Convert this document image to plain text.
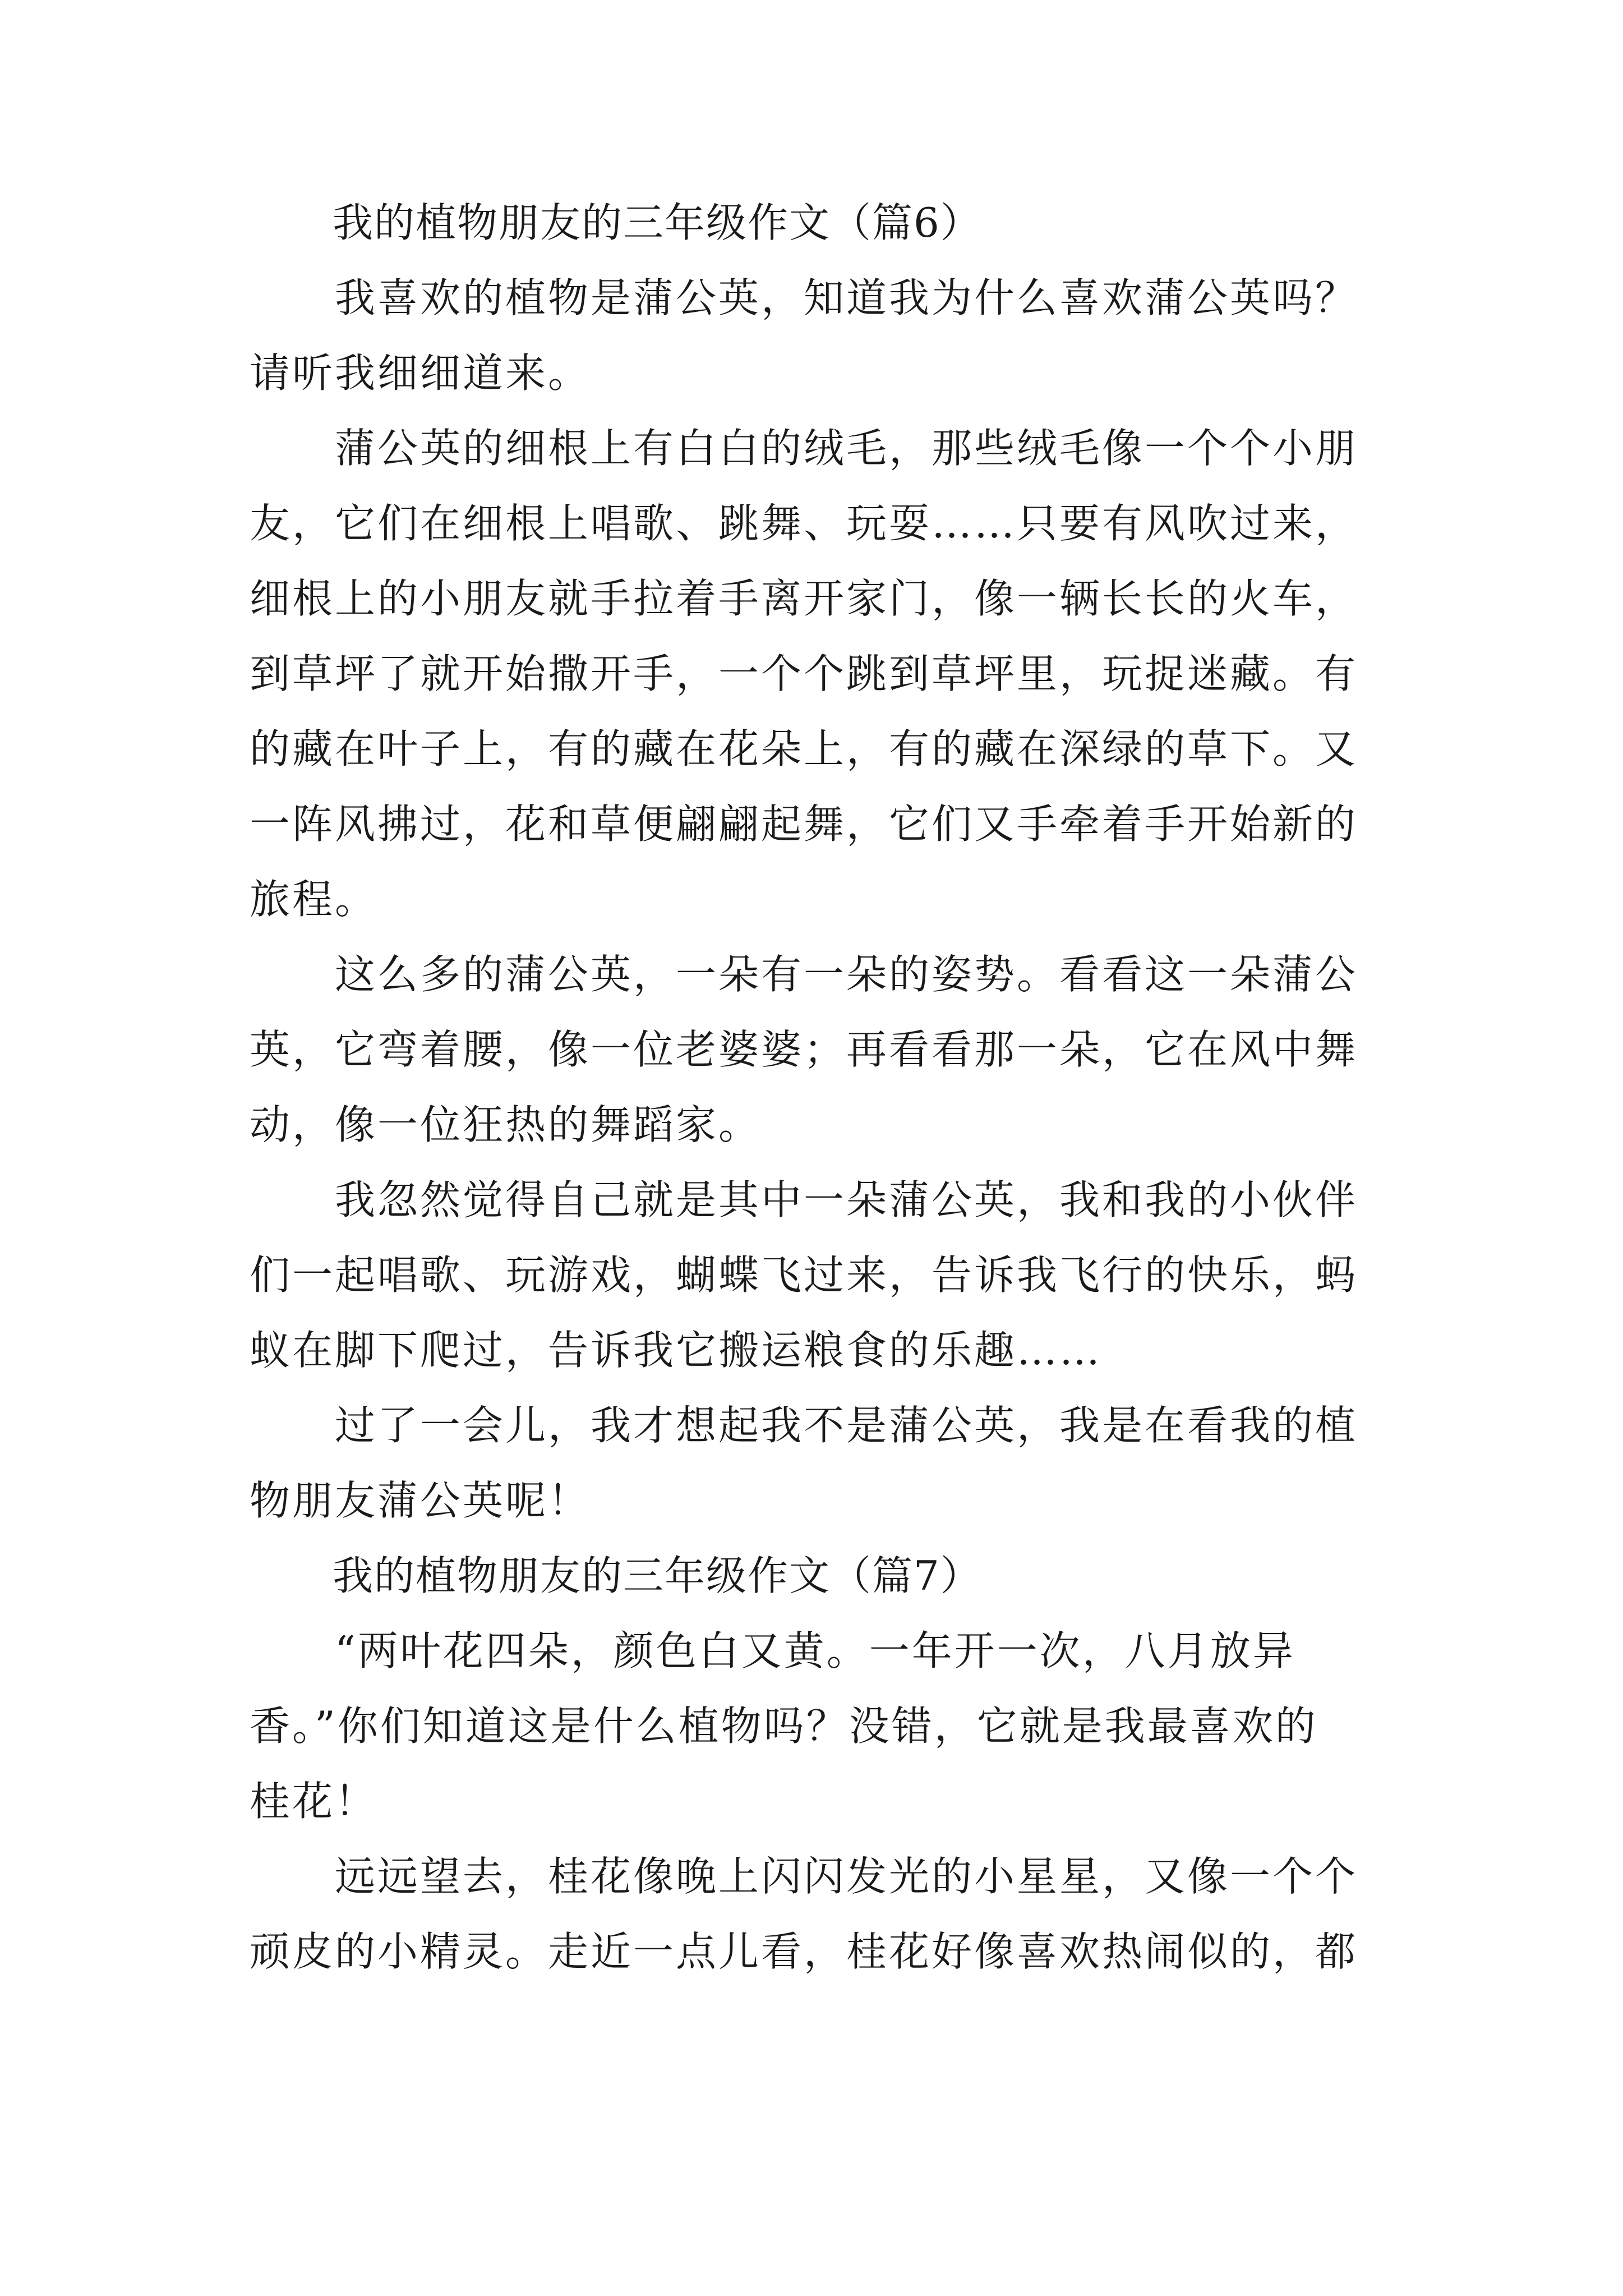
　　我的植物朋友的三年级作文（篇6）
　　我喜欢的植物是蒲公英，知道我为什么喜欢蒲公英吗？
请听我细细道来。
　　蒲公英的细根上有白白的绒毛，那些绒毛像一个个小朋
友，它们在细根上唱歌、跳舞、玩耍……只要有风吹过来，
细根上的小朋友就手拉着手离开家门，像一辆长长的火车，
到草坪了就开始撒开手，一个个跳到草坪里，玩捉迷藏。有
的藏在叶子上，有的藏在花朵上，有的藏在深绿的草下。又
一阵风拂过，花和草便翩翩起舞，它们又手牵着手开始新的
旅程。
　　这么多的蒲公英，一朵有一朵的姿势。看看这一朵蒲公
英，它弯着腰，像一位老婆婆；再看看那一朵，它在风中舞
动，像一位狂热的舞蹈家。
　　我忽然觉得自己就是其中一朵蒲公英，我和我的小伙伴
们一起唱歌、玩游戏，蝴蝶飞过来，告诉我飞行的快乐，蚂
蚁在脚下爬过，告诉我它搬运粮食的乐趣……
　　过了一会儿，我才想起我不是蒲公英，我是在看我的植
物朋友蒲公英呢！
　　我的植物朋友的三年级作文（篇7）
　　“两叶花四朵，颜色白又黄。一年开一次，八月放异
香。”你们知道这是什么植物吗？没错，它就是我最喜欢的
桂花！
　　远远望去，桂花像晚上闪闪发光的小星星，又像一个个
顽皮的小精灵。走近一点儿看，桂花好像喜欢热闹似的，都
